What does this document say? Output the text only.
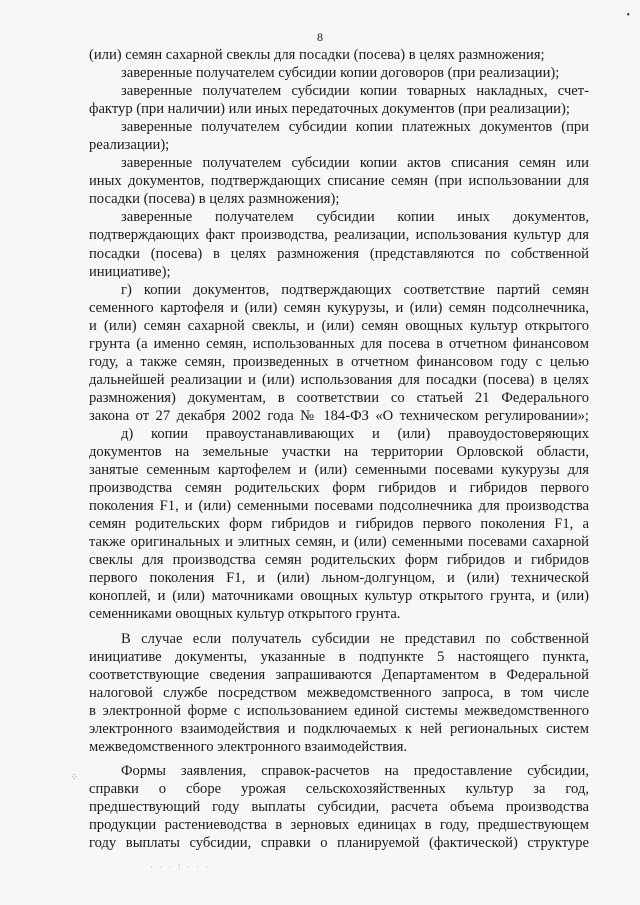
•
8
⁘
· · · ⁝ · · ·
(или) семян сахарной свеклы для посадки (посева) в целях размножения;
заверенные получателем субсидии копии договоров (при реализации);
заверенные получателем субсидии копии товарных накладных, счет-
фактур (при наличии) или иных передаточных документов (при реализации);
заверенные получателем субсидии копии платежных документов (при
реализации);
заверенные получателем субсидии копии актов списания семян или
иных документов, подтверждающих списание семян (при использовании для
посадки (посева) в целях размножения);
заверенные получателем субсидии копии иных документов,
подтверждающих факт производства, реализации, использования культур для
посадки (посева) в целях размножения (представляются по собственной
инициативе);
г) копии документов, подтверждающих соответствие партий семян
семенного картофеля и (или) семян кукурузы, и (или) семян подсолнечника,
и (или) семян сахарной свеклы, и (или) семян овощных культур открытого
грунта (а именно семян, использованных для посева в отчетном финансовом
году, а также семян, произведенных в отчетном финансовом году с целью
дальнейшей реализации и (или) использования для посадки (посева) в целях
размножения) документам, в соответствии со статьей 21 Федерального
закона от 27 декабря 2002 года № 184-ФЗ «О техническом регулировании»;
д) копии правоустанавливающих и (или) правоудостоверяющих
документов на земельные участки на территории Орловской области,
занятые семенным картофелем и (или) семенными посевами кукурузы для
производства семян родительских форм гибридов и гибридов первого
поколения F1, и (или) семенными посевами подсолнечника для производства
семян родительских форм гибридов и гибридов первого поколения F1, а
также оригинальных и элитных семян, и (или) семенными посевами сахарной
свеклы для производства семян родительских форм гибридов и гибридов
первого поколения F1, и (или) льном-долгунцом, и (или) технической
коноплей, и (или) маточниками овощных культур открытого грунта, и (или)
семенниками овощных культур открытого грунта.
В случае если получатель субсидии не представил по собственной
инициативе документы, указанные в подпункте 5 настоящего пункта,
соответствующие сведения запрашиваются Департаментом в Федеральной
налоговой службе посредством межведомственного запроса, в том числе
в электронной форме с использованием единой системы межведомственного
электронного взаимодействия и подключаемых к ней региональных систем
межведомственного электронного взаимодействия.
Формы заявления, справок-расчетов на предоставление субсидии,
справки о сборе урожая сельскохозяйственных культур за год,
предшествующий году выплаты субсидии, расчета объема производства
продукции растениеводства в зерновых единицах в году, предшествующем
году выплаты субсидии, справки о планируемой (фактической) структуре
